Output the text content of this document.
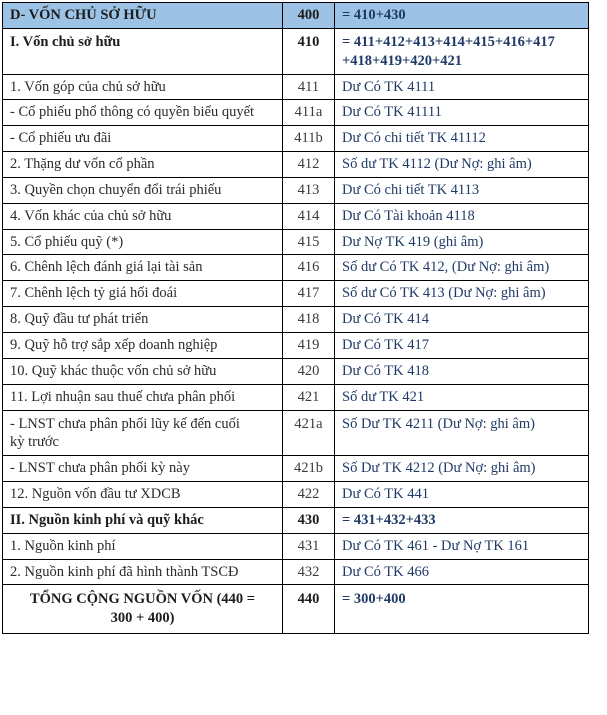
D- VỐN CHỦ SỞ HỮU	400	= 410+430

I. Vốn chủ sở hữu	410	= 411+412+413+414+415+416+417
+418+419+420+421

1. Vốn góp của chủ sở hữu	411	Dư Có TK 4111

- Cổ phiếu phổ thông có quyền biểu quyết	411a	Dư Có TK 41111

- Cổ phiếu ưu đãi	411b	Dư Có chi tiết TK 41112

2. Thặng dư vốn cổ phần	412	Số dư TK 4112 (Dư Nợ: ghi âm)

3. Quyền chọn chuyển đổi trái phiếu	413	Dư Có chi tiết TK 4113

4. Vốn khác của chủ sở hữu	414	Dư Có Tài khoản 4118

5. Cổ phiếu quỹ (*)	415	Dư Nợ TK 419 (ghi âm)

6. Chênh lệch đánh giá lại tài sản	416	Số dư Có TK 412, (Dư Nợ: ghi âm)

7. Chênh lệch tỷ giá hối đoái	417	Số dư Có TK 413 (Dư Nợ: ghi âm)

8. Quỹ đầu tư phát triển	418	Dư Có TK 414

9. Quỹ hỗ trợ sắp xếp doanh nghiệp	419	Dư Có TK 417

10. Quỹ khác thuộc vốn chủ sở hữu	420	Dư Có TK 418

11. Lợi nhuận sau thuế chưa phân phối	421	Số dư TK 421

- LNST chưa phân phối lũy kế đến cuối
kỳ trước	421a	Số Dư TK 4211 (Dư Nợ: ghi âm)

- LNST chưa phân phối kỳ này	421b	Số Dư TK 4212 (Dư Nợ: ghi âm)

12. Nguồn vốn đầu tư XDCB	422	Dư Có TK 441

II. Nguồn kinh phí và quỹ khác	430	= 431+432+433

1. Nguồn kinh phí	431	Dư Có TK 461 - Dư Nợ TK 161

2. Nguồn kinh phí đã hình thành TSCĐ	432	Dư Có TK 466

TỔNG CỘNG NGUỒN VỐN (440 =
300 + 400)	440	= 300+400
